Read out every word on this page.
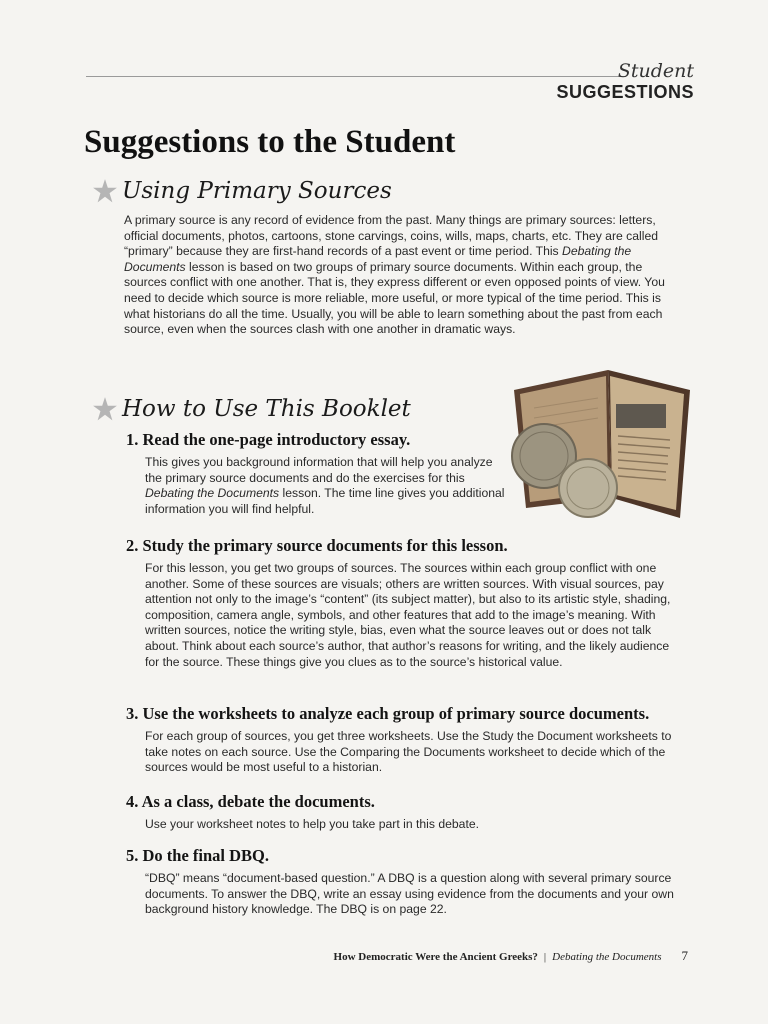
Student
SUGGESTIONS
Suggestions to the Student
Using Primary Sources

A primary source is any record of evidence from the past. Many things are primary sources: letters, official documents, photos, cartoons, stone carvings, coins, wills, maps, charts, etc. They are called “primary” because they are first-hand records of a past event or time period. This Debating the Documents lesson is based on two groups of primary source documents. Within each group, the sources conflict with one another. That is, they express different or even opposed points of view. You need to decide which source is more reliable, more useful, or more typical of the time period. This is what historians do all the time. Usually, you will be able to learn something about the past from each source, even when the sources clash with one another in dramatic ways.

How to Use This Booklet
1. Read the one-page introductory essay.

This gives you background information that will help you analyze the primary source documents and do the exercises for this Debating the Documents lesson. The time line gives you additional information you will find helpful.

2. Study the primary source documents for this lesson.

For this lesson, you get two groups of sources. The sources within each group conflict with one another. Some of these sources are visuals; others are written sources. With visual sources, pay attention not only to the image’s “content” (its subject matter), but also to its artistic style, shading, composition, camera angle, symbols, and other features that add to the image’s meaning. With written sources, notice the writing style, bias, even what the source leaves out or does not talk about. Think about each source’s author, that author’s reasons for writing, and the likely audience for the source. These things give you clues as to the source’s historical value.

3. Use the worksheets to analyze each group of primary source documents.

For each group of sources, you get three worksheets. Use the Study the Document worksheets to take notes on each source. Use the Comparing the Documents worksheet to decide which of the sources would be most useful to a historian.

4. As a class, debate the documents.

Use your worksheet notes to help you take part in this debate.

5. Do the final DBQ.

“DBQ” means “document-based question.” A DBQ is a question along with several primary source documents. To answer the DBQ, write an essay using evidence from the documents and your own background history knowledge. The DBQ is on page 22.

How Democratic Were the Ancient Greeks? | Debating the Documents 7
